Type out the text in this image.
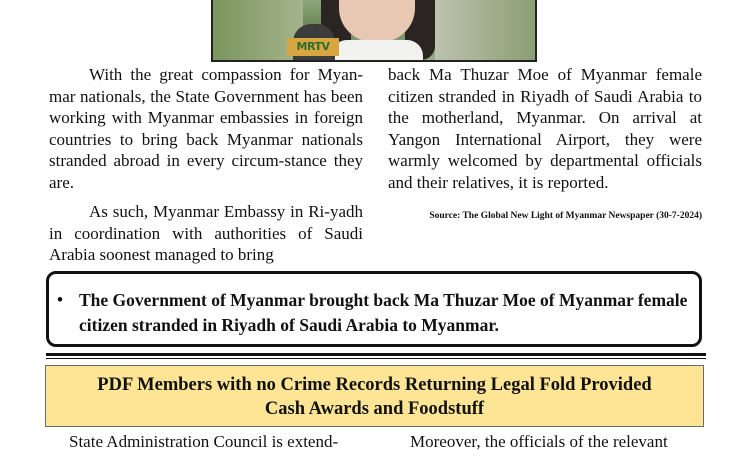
MRTV

With the great compassion for Myan-mar nationals, the State Government has been working with Myanmar embassies in foreign countries to bring back Myanmar nationals stranded abroad in every circum-stance they are.

As such, Myanmar Embassy in Ri-yadh in coordination with authorities of Saudi Arabia soonest managed to bring

back Ma Thuzar Moe of Myanmar female citizen stranded in Riyadh of Saudi Arabia to the motherland, Myanmar. On arrival at Yangon International Airport, they were warmly welcomed by departmental officials and their relatives, it is reported.

Source: The Global New Light of Myanmar Newspaper (30-7-2024)
• The Government of Myanmar brought back Ma Thuzar Moe of Myanmar female citizen stranded in Riyadh of Saudi Arabia to Myanmar.
PDF Members with no Crime Records Returning Legal Fold Provided
Cash Awards and Foodstuff
State Administration Council is extend-	Moreover, the officials of the relevant
